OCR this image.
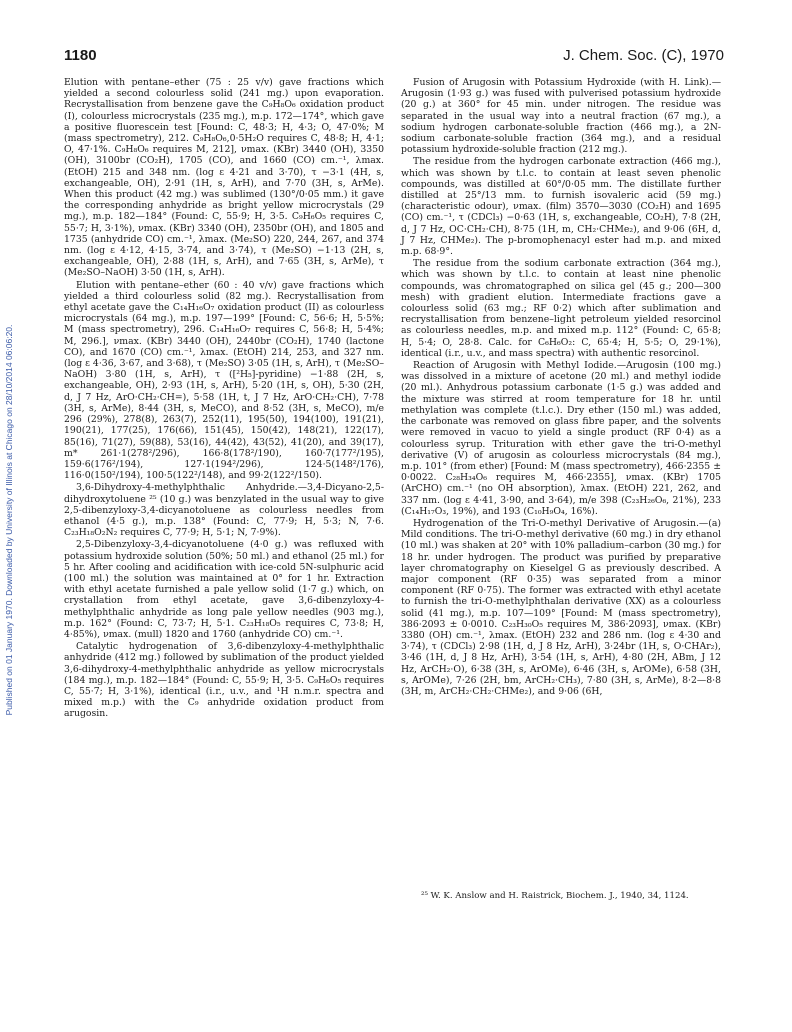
Published on 01 January 1970. Downloaded by University of Illinois at Chicago on 28/10/2014 06:06:20.
1180	J. Chem. Soc. (C), 1970

Elution with pentane–ether (75 : 25 v/v) gave fractions which yielded a second colourless solid (241 mg.) upon evaporation. Recrystallisation from benzene gave the C₉H₈O₆ oxidation product (I), colourless microcrystals (235 mg.), m.p. 172—174°, which gave a positive fluorescein test [Found: C, 48·3; H, 4·3; O, 47·0%; M (mass spectrometry), 212. C₉H₈O₆,0·5H₂O requires C, 48·8; H, 4·1; O, 47·1%. C₉H₈O₆ requires M, 212], νmax. (KBr) 3440 (OH), 3350 (OH), 3100br (CO₂H), 1705 (CO), and 1660 (CO) cm.⁻¹, λmax. (EtOH) 215 and 348 nm. (log ε 4·21 and 3·70), τ −3·1 (4H, s, exchangeable, OH), 2·91 (1H, s, ArH), and 7·70 (3H, s, ArMe). When this product (42 mg.) was sublimed (130°/0·05 mm.) it gave the corresponding anhydride as bright yellow microcrystals (29 mg.), m.p. 182—184° (Found: C, 55·9; H, 3·5. C₉H₆O₅ requires C, 55·7; H, 3·1%), νmax. (KBr) 3340 (OH), 2350br (OH), and 1805 and 1735 (anhydride CO) cm.⁻¹, λmax. (Me₂SO) 220, 244, 267, and 374 nm. (log ε 4·12, 4·15, 3·74, and 3·74), τ (Me₂SO) −1·13 (2H, s, exchangeable, OH), 2·88 (1H, s, ArH), and 7·65 (3H, s, ArMe), τ (Me₂SO–NaOH) 3·50 (1H, s, ArH).

Elution with pentane–ether (60 : 40 v/v) gave fractions which yielded a third colourless solid (82 mg.). Recrystallisation from ethyl acetate gave the C₁₄H₁₆O₇ oxidation product (II) as colourless microcrystals (64 mg.), m.p. 197—199° [Found: C, 56·6; H, 5·5%; M (mass spectrometry), 296. C₁₄H₁₆O₇ requires C, 56·8; H, 5·4%; M, 296.], νmax. (KBr) 3440 (OH), 2440br (CO₂H), 1740 (lactone CO), and 1670 (CO) cm.⁻¹, λmax. (EtOH) 214, 253, and 327 nm. (log ε 4·36, 3·67, and 3·68), τ (Me₂SO) 3·05 (1H, s, ArH), τ (Me₂SO–NaOH) 3·80 (1H, s, ArH), τ ([²H₅]-pyridine) −1·88 (2H, s, exchangeable, OH), 2·93 (1H, s, ArH), 5·20 (1H, s, OH), 5·30 (2H, d, J 7 Hz, ArO·CH₂·CH=), 5·58 (1H, t, J 7 Hz, ArO·CH₂·CH), 7·78 (3H, s, ArMe), 8·44 (3H, s, MeCO), and 8·52 (3H, s, MeCO), m/e 296 (29%), 278(8), 263(7), 252(11), 195(50), 194(100), 191(21), 190(21), 177(25), 176(66), 151(45), 150(42), 148(21), 122(17), 85(16), 71(27), 59(88), 53(16), 44(42), 43(52), 41(20), and 39(17), m* 261·1(278²/296), 166·8(178²/190), 160·7(177²/195), 159·6(176²/194), 127·1(194²/296), 124·5(148²/176), 116·0(150²/194), 100·5(122²/148), and 99·2(122²/150).

3,6-Dihydroxy-4-methylphthalic Anhydride.—3,4-Dicyano-2,5-dihydroxytoluene ²⁵ (10 g.) was benzylated in the usual way to give 2,5-dibenzyloxy-3,4-dicyanotoluene as colourless needles from ethanol (4·5 g.), m.p. 138° (Found: C, 77·9; H, 5·3; N, 7·6. C₂₃H₁₈O₂N₂ requires C, 77·9; H, 5·1; N, 7·9%).

2,5-Dibenzyloxy-3,4-dicyanotoluene (4·0 g.) was refluxed with potassium hydroxide solution (50%; 50 ml.) and ethanol (25 ml.) for 5 hr. After cooling and acidification with ice-cold 5N-sulphuric acid (100 ml.) the solution was maintained at 0° for 1 hr. Extraction with ethyl acetate furnished a pale yellow solid (1·7 g.) which, on crystallation from ethyl acetate, gave 3,6-dibenzyloxy-4-methylphthalic anhydride as long pale yellow needles (903 mg.), m.p. 162° (Found: C, 73·7; H, 5·1. C₂₃H₁₈O₅ requires C, 73·8; H, 4·85%), νmax. (mull) 1820 and 1760 (anhydride CO) cm.⁻¹.

Catalytic hydrogenation of 3,6-dibenzyloxy-4-methylphthalic anhydride (412 mg.) followed by sublimation of the product yielded 3,6-dihydroxy-4-methylphthalic anhydride as yellow microcrystals (184 mg.), m.p. 182—184° (Found: C, 55·9; H, 3·5. C₉H₆O₅ requires C, 55·7; H, 3·1%), identical (i.r., u.v., and ¹H n.m.r. spectra and mixed m.p.) with the C₉ anhydride oxidation product from arugosin.

Fusion of Arugosin with Potassium Hydroxide (with H. Link).—Arugosin (1·93 g.) was fused with pulverised potassium hydroxide (20 g.) at 360° for 45 min. under nitrogen. The residue was separated in the usual way into a neutral fraction (67 mg.), a sodium hydrogen carbonate-soluble fraction (466 mg.), a 2N-sodium carbonate-soluble fraction (364 mg.), and a residual potassium hydroxide-soluble fraction (212 mg.).

The residue from the hydrogen carbonate extraction (466 mg.), which was shown by t.l.c. to contain at least seven phenolic compounds, was distilled at 60°/0·05 mm. The distillate further distilled at 25°/13 mm. to furnish isovaleric acid (59 mg.) (characteristic odour), νmax. (film) 3570—3030 (CO₂H) and 1695 (CO) cm.⁻¹, τ (CDCl₃) −0·63 (1H, s, exchangeable, CO₂H), 7·8 (2H, d, J 7 Hz, OC·CH₂·CH), 8·75 (1H, m, CH₂·CHMe₂), and 9·06 (6H, d, J 7 Hz, CHMe₂). The p-bromophenacyl ester had m.p. and mixed m.p. 68·9°.

The residue from the sodium carbonate extraction (364 mg.), which was shown by t.l.c. to contain at least nine phenolic compounds, was chromatographed on silica gel (45 g.; 200—300 mesh) with gradient elution. Intermediate fractions gave a colourless solid (63 mg.; RF 0·2) which after sublimation and recrystallisation from benzene–light petroleum yielded resorcinol as colourless needles, m.p. and mixed m.p. 112° (Found: C, 65·8; H, 5·4; O, 28·8. Calc. for C₆H₆O₂: C, 65·4; H, 5·5; O, 29·1%), identical (i.r., u.v., and mass spectra) with authentic resorcinol.

Reaction of Arugosin with Methyl Iodide.—Arugosin (100 mg.) was dissolved in a mixture of acetone (20 ml.) and methyl iodide (20 ml.). Anhydrous potassium carbonate (1·5 g.) was added and the mixture was stirred at room temperature for 18 hr. until methylation was complete (t.l.c.). Dry ether (150 ml.) was added, the carbonate was removed on glass fibre paper, and the solvents were removed in vacuo to yield a single product (RF 0·4) as a colourless syrup. Trituration with ether gave the tri-O-methyl derivative (V) of arugosin as colourless microcrystals (84 mg.), m.p. 101° (from ether) [Found: M (mass spectrometry), 466·2355 ± 0·0022. C₂₈H₃₄O₆ requires M, 466·2355], νmax. (KBr) 1705 (ArCHO) cm.⁻¹ (no OH absorption), λmax. (EtOH) 221, 262, and 337 nm. (log ε 4·41, 3·90, and 3·64), m/e 398 (C₂₃H₂₆O₆, 21%), 233 (C₁₄H₁₇O₃, 19%), and 193 (C₁₀H₉O₄, 16%).

Hydrogenation of the Tri-O-methyl Derivative of Arugosin.—(a) Mild conditions. The tri-O-methyl derivative (60 mg.) in dry ethanol (10 ml.) was shaken at 20° with 10% palladium–carbon (30 mg.) for 18 hr. under hydrogen. The product was purified by preparative layer chromatography on Kieselgel G as previously described. A major component (RF 0·35) was separated from a minor component (RF 0·75). The former was extracted with ethyl acetate to furnish the tri-O-methylphthalan derivative (XX) as a colourless solid (41 mg.), m.p. 107—109° [Found: M (mass spectrometry), 386·2093 ± 0·0010. C₂₃H₃₀O₅ requires M, 386·2093], νmax. (KBr) 3380 (OH) cm.⁻¹, λmax. (EtOH) 232 and 286 nm. (log ε 4·30 and 3·74), τ (CDCl₃) 2·98 (1H, d, J 8 Hz, ArH), 3·24br (1H, s, O·CHAr₂), 3·46 (1H, d, J 8 Hz, ArH), 3·54 (1H, s, ArH), 4·80 (2H, ABm, J 12 Hz, ArCH₂·O), 6·38 (3H, s, ArOMe), 6·46 (3H, s, ArOMe), 6·58 (3H, s, ArOMe), 7·26 (2H, bm, ArCH₂·CH₃), 7·80 (3H, s, ArMe), 8·2—8·8 (3H, m, ArCH₂·CH₂·CHMe₂), and 9·06 (6H,

²⁵ W. K. Anslow and H. Raistrick, Biochem. J., 1940, 34, 1124.
